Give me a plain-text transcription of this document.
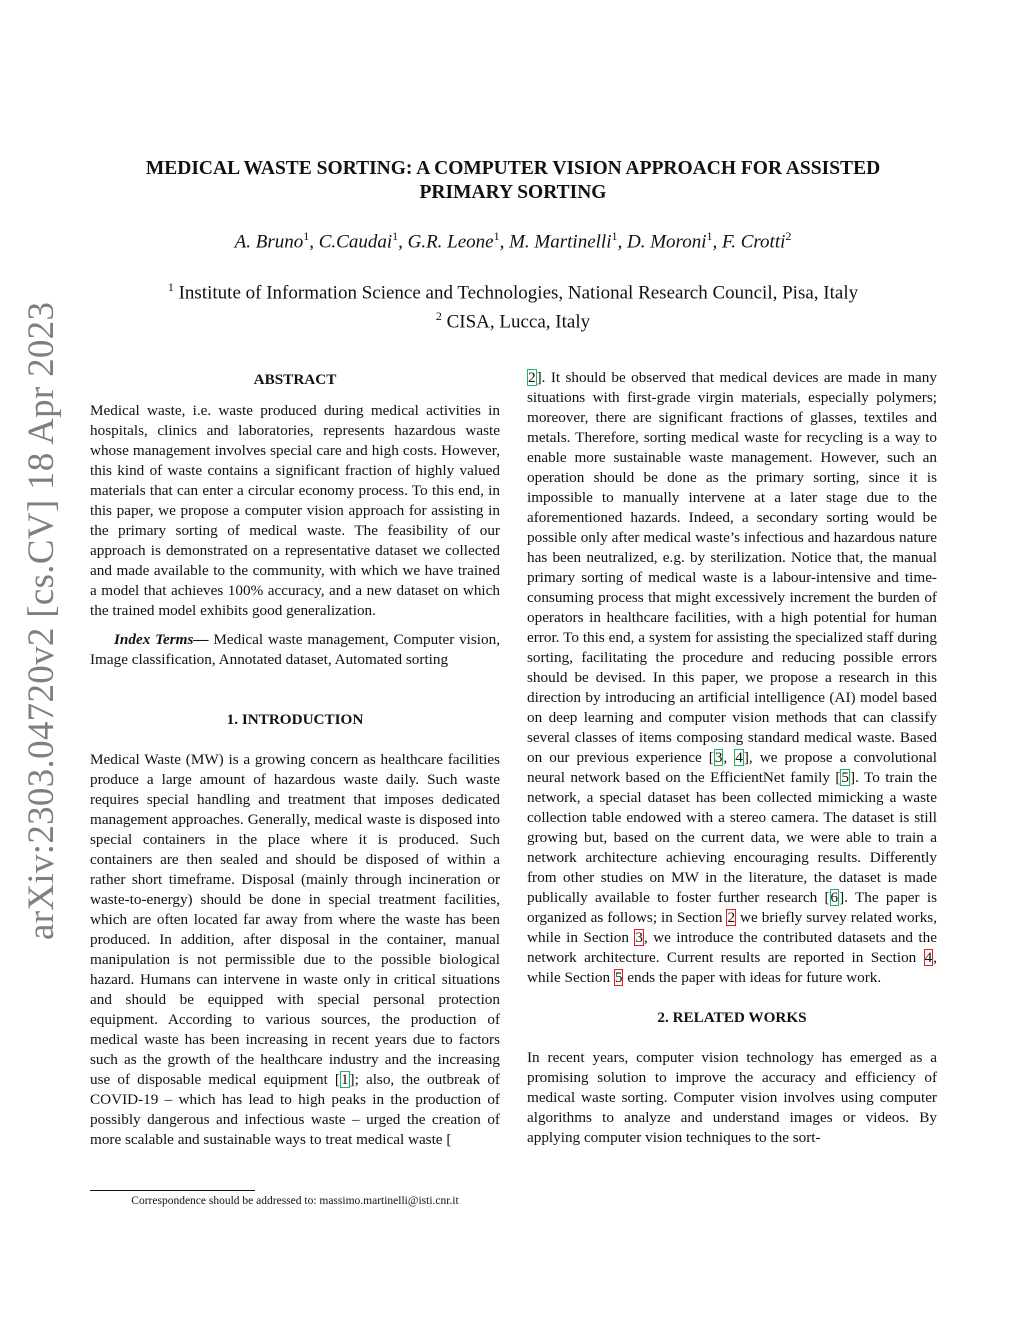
arXiv:2303.04720v2 [cs.CV] 18 Apr 2023

MEDICAL WASTE SORTING: A COMPUTER VISION APPROACH FOR ASSISTED
PRIMARY SORTING

A. Bruno$^1$, C.Caudai$^1$, G.R. Leone$^1$, M. Martinelli$^1$, D. Moroni$^1$, F. Crotti$^2$
$^1$ Institute of Information Science and Technologies, National Research Council, Pisa, Italy
$^2$ CISA, Lucca, Italy
ABSTRACT

Medical waste, i.e. waste produced during medical activities in hospitals, clinics and laboratories, represents hazardous waste whose management involves special care and high costs. However, this kind of waste contains a significant fraction of highly valued materials that can enter a circular economy process. To this end, in this paper, we propose a computer vision approach for assisting in the primary sorting of medical waste. The feasibility of our approach is demonstrated on a representative dataset we collected and made available to the community, with which we have trained a model that achieves 100% accuracy, and a new dataset on which the trained model exhibits good generalization.

Index Terms— Medical waste management, Computer vision, Image classification, Annotated dataset, Automated sorting

1. INTRODUCTION

Medical Waste (MW) is a growing concern as healthcare facilities produce a large amount of hazardous waste daily. Such waste requires special handling and treatment that imposes dedicated management approaches. Generally, medical waste is disposed into special containers in the place where it is produced. Such containers are then sealed and should be disposed of within a rather short timeframe. Disposal (mainly through incineration or waste-to-energy) should be done in special treatment facilities, which are often located far away from where the waste has been produced. In addition, after disposal in the container, manual manipulation is not permissible due to the possible biological hazard. Humans can intervene in waste only in critical situations and should be equipped with special personal protection equipment. According to various sources, the production of medical waste has been increasing in recent years due to factors such as the growth of the healthcare industry and the increasing use of disposable medical equipment [1]; also, the outbreak of COVID-19 – which has lead to high peaks in the production of possibly dangerous and infectious waste – urged the creation of more scalable and sustainable ways to treat medical waste [

2]. It should be observed that medical devices are made in many situations with first-grade virgin materials, especially polymers; moreover, there are significant fractions of glasses, textiles and metals. Therefore, sorting medical waste for recycling is a way to enable more sustainable waste management. However, such an operation should be done as the primary sorting, since it is impossible to manually intervene at a later stage due to the aforementioned hazards. Indeed, a secondary sorting would be possible only after medical waste’s infectious and hazardous nature has been neutralized, e.g. by sterilization. Notice that, the manual primary sorting of medical waste is a labour-intensive and time-consuming process that might excessively increment the burden of operators in healthcare facilities, with a high potential for human error. To this end, a system for assisting the specialized staff during sorting, facilitating the procedure and reducing possible errors should be devised. In this paper, we propose a research in this direction by introducing an artificial intelligence (AI) model based on deep learning and computer vision methods that can classify several classes of items composing standard medical waste. Based on our previous experience [3, 4], we propose a convolutional neural network based on the EfficientNet family [5]. To train the network, a special dataset has been collected mimicking a waste collection table endowed with a stereo camera. The dataset is still growing but, based on the current data, we were able to train a network architecture achieving encouraging results. Differently from other studies on MW in the literature, the dataset is made publically available to foster further research [6]. The paper is organized as follows; in Section 2 we briefly survey related works, while in Section 3, we introduce the contributed datasets and the network architecture. Current results are reported in Section 4, while Section 5 ends the paper with ideas for future work.

2. RELATED WORKS

In recent years, computer vision technology has emerged as a promising solution to improve the accuracy and efficiency of medical waste sorting. Computer vision involves using computer algorithms to analyze and understand images or videos. By applying computer vision techniques to the sort-

Correspondence should be addressed to: massimo.martinelli@isti.cnr.it
